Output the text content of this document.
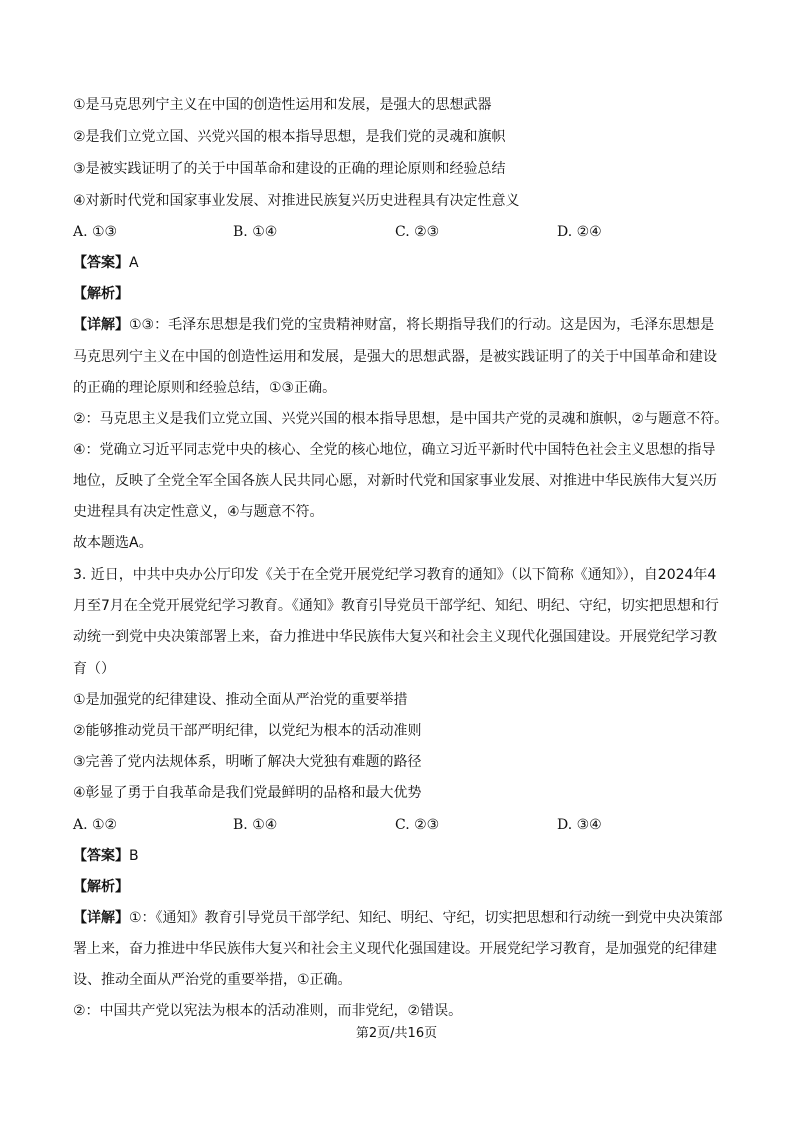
①是马克思列宁主义在中国的创造性运用和发展，是强大的思想武器
②是我们立党立国、兴党兴国的根本指导思想，是我们党的灵魂和旗帜
③是被实践证明了的关于中国革命和建设的正确的理论原则和经验总结
④对新时代党和国家事业发展、对推进民族复兴历史进程具有决定性意义
A. ①③	B. ①④	C. ②③	D. ②④
【答案】A
【解析】
【详解】①③：毛泽东思想是我们党的宝贵精神财富，将长期指导我们的行动。这是因为，毛泽东思想是
马克思列宁主义在中国的创造性运用和发展，是强大的思想武器，是被实践证明了的关于中国革命和建设
的正确的理论原则和经验总结，①③正确。
②：马克思主义是我们立党立国、兴党兴国的根本指导思想，是中国共产党的灵魂和旗帜，②与题意不符。
④：党确立习近平同志党中央的核心、全党的核心地位，确立习近平新时代中国特色社会主义思想的指导
地位，反映了全党全军全国各族人民共同心愿，对新时代党和国家事业发展、对推进中华民族伟大复兴历
史进程具有决定性意义，④与题意不符。
故本题选A。
3. 近日，中共中央办公厅印发《关于在全党开展党纪学习教育的通知》（以下简称《通知》），自2024年4
月至7月在全党开展党纪学习教育。《通知》教育引导党员干部学纪、知纪、明纪、守纪，切实把思想和行
动统一到党中央决策部署上来，奋力推进中华民族伟大复兴和社会主义现代化强国建设。开展党纪学习教
育（）
①是加强党的纪律建设、推动全面从严治党的重要举措
②能够推动党员干部严明纪律，以党纪为根本的活动准则
③完善了党内法规体系，明晰了解决大党独有难题的路径
④彰显了勇于自我革命是我们党最鲜明的品格和最大优势
A. ①②	B. ①④	C. ②③	D. ③④
【答案】B
【解析】
【详解】①：《通知》教育引导党员干部学纪、知纪、明纪、守纪，切实把思想和行动统一到党中央决策部
署上来，奋力推进中华民族伟大复兴和社会主义现代化强国建设。开展党纪学习教育，是加强党的纪律建
设、推动全面从严治党的重要举措，①正确。
②：中国共产党以宪法为根本的活动准则，而非党纪，②错误。
第2页/共16页
